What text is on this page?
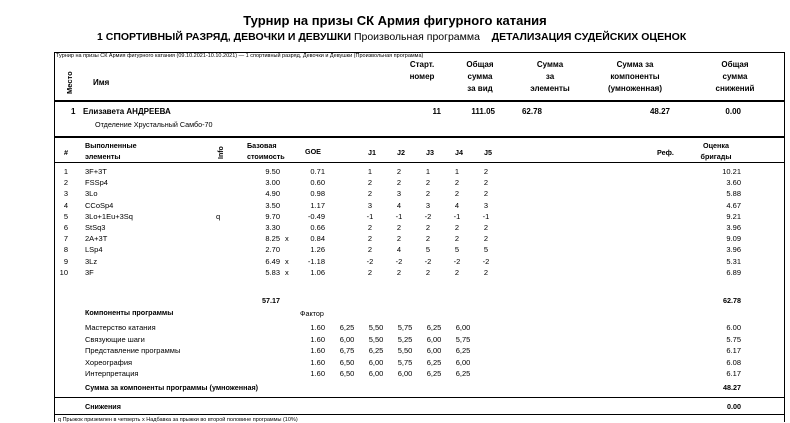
Турнир на призы СК Армия фигурного катания
1 СПОРТИВНЫЙ РАЗРЯД, ДЕВОЧКИ И ДЕВУШКИ Произвольная программа ДЕТАЛИЗАЦИЯ СУДЕЙСКИХ ОЦЕНОК
Турнир на призы СК Армия фигурного катания (09.10.2021-10.10.2021) — 1 спортивный разряд, Девочки и Девушки (Произвольная программа)
Место Имя
Старт.
номер
Общая
сумма
за вид
Сумма
за
элементы
Сумма за
компоненты
(умноженная)
Общая
сумма
снижений
1 Елизавета АНДРЕЕВА
Отделение Хрустальный Самбо-70
11	111.05	62.78	48.27	0.00
#
Выполненные
элементы	Info
Базовая
стоимость
GOE	J1	J2	J3	J4	J5	Реф.
Оценка
бригады
1 3F+3T	9.50	0.71	1	2	1	1	2	10.21
2 FSSp4	3.00	0.60	2	2	2	2	2	3.60
3 3Lo	4.90	0.98	2	3	2	2	2	5.88
4 CCoSp4	3.50	1.17	3	4	3	4	3	4.67
5 3Lo+1Eu+3Sq	q	9.70	-0.49	-1	-1	-2	-1	-1	9.21
6 StSq3	3.30	0.66	2	2	2	2	2	3.96
7 2A+3T	8.25 x	0.84	2	2	2	2	2	9.09
8 LSp4	2.70	1.26	2	4	5	5	5	3.96
9 3Lz	6.49 x	-1.18	-2	-2	-2	-2	-2	5.31
10 3F	5.83 x	1.06	2	2	2	2	2	6.89
57.17	62.78
Компоненты программы	Фактор
Мастерство катания	1.60	6,25	5,50	5,75	6,25	6,00	6.00
Связующие шаги	1.60	6,00	5,50	5,25	6,00	5,75	5.75
Представление программы	1.60	6,75	6,25	5,50	6,00	6,25	6.17
Хореография	1.60	6,50	6,00	5,75	6,25	6,00	6.08
Интерпретация	1.60	6,50	6,00	6,00	6,25	6,25	6.17
Сумма за компоненты программы (умноженная)	48.27
Снижения	0.00
q Прыжок приземлен в четверть x Надбавка за прыжки во второй половине программы (10%)
